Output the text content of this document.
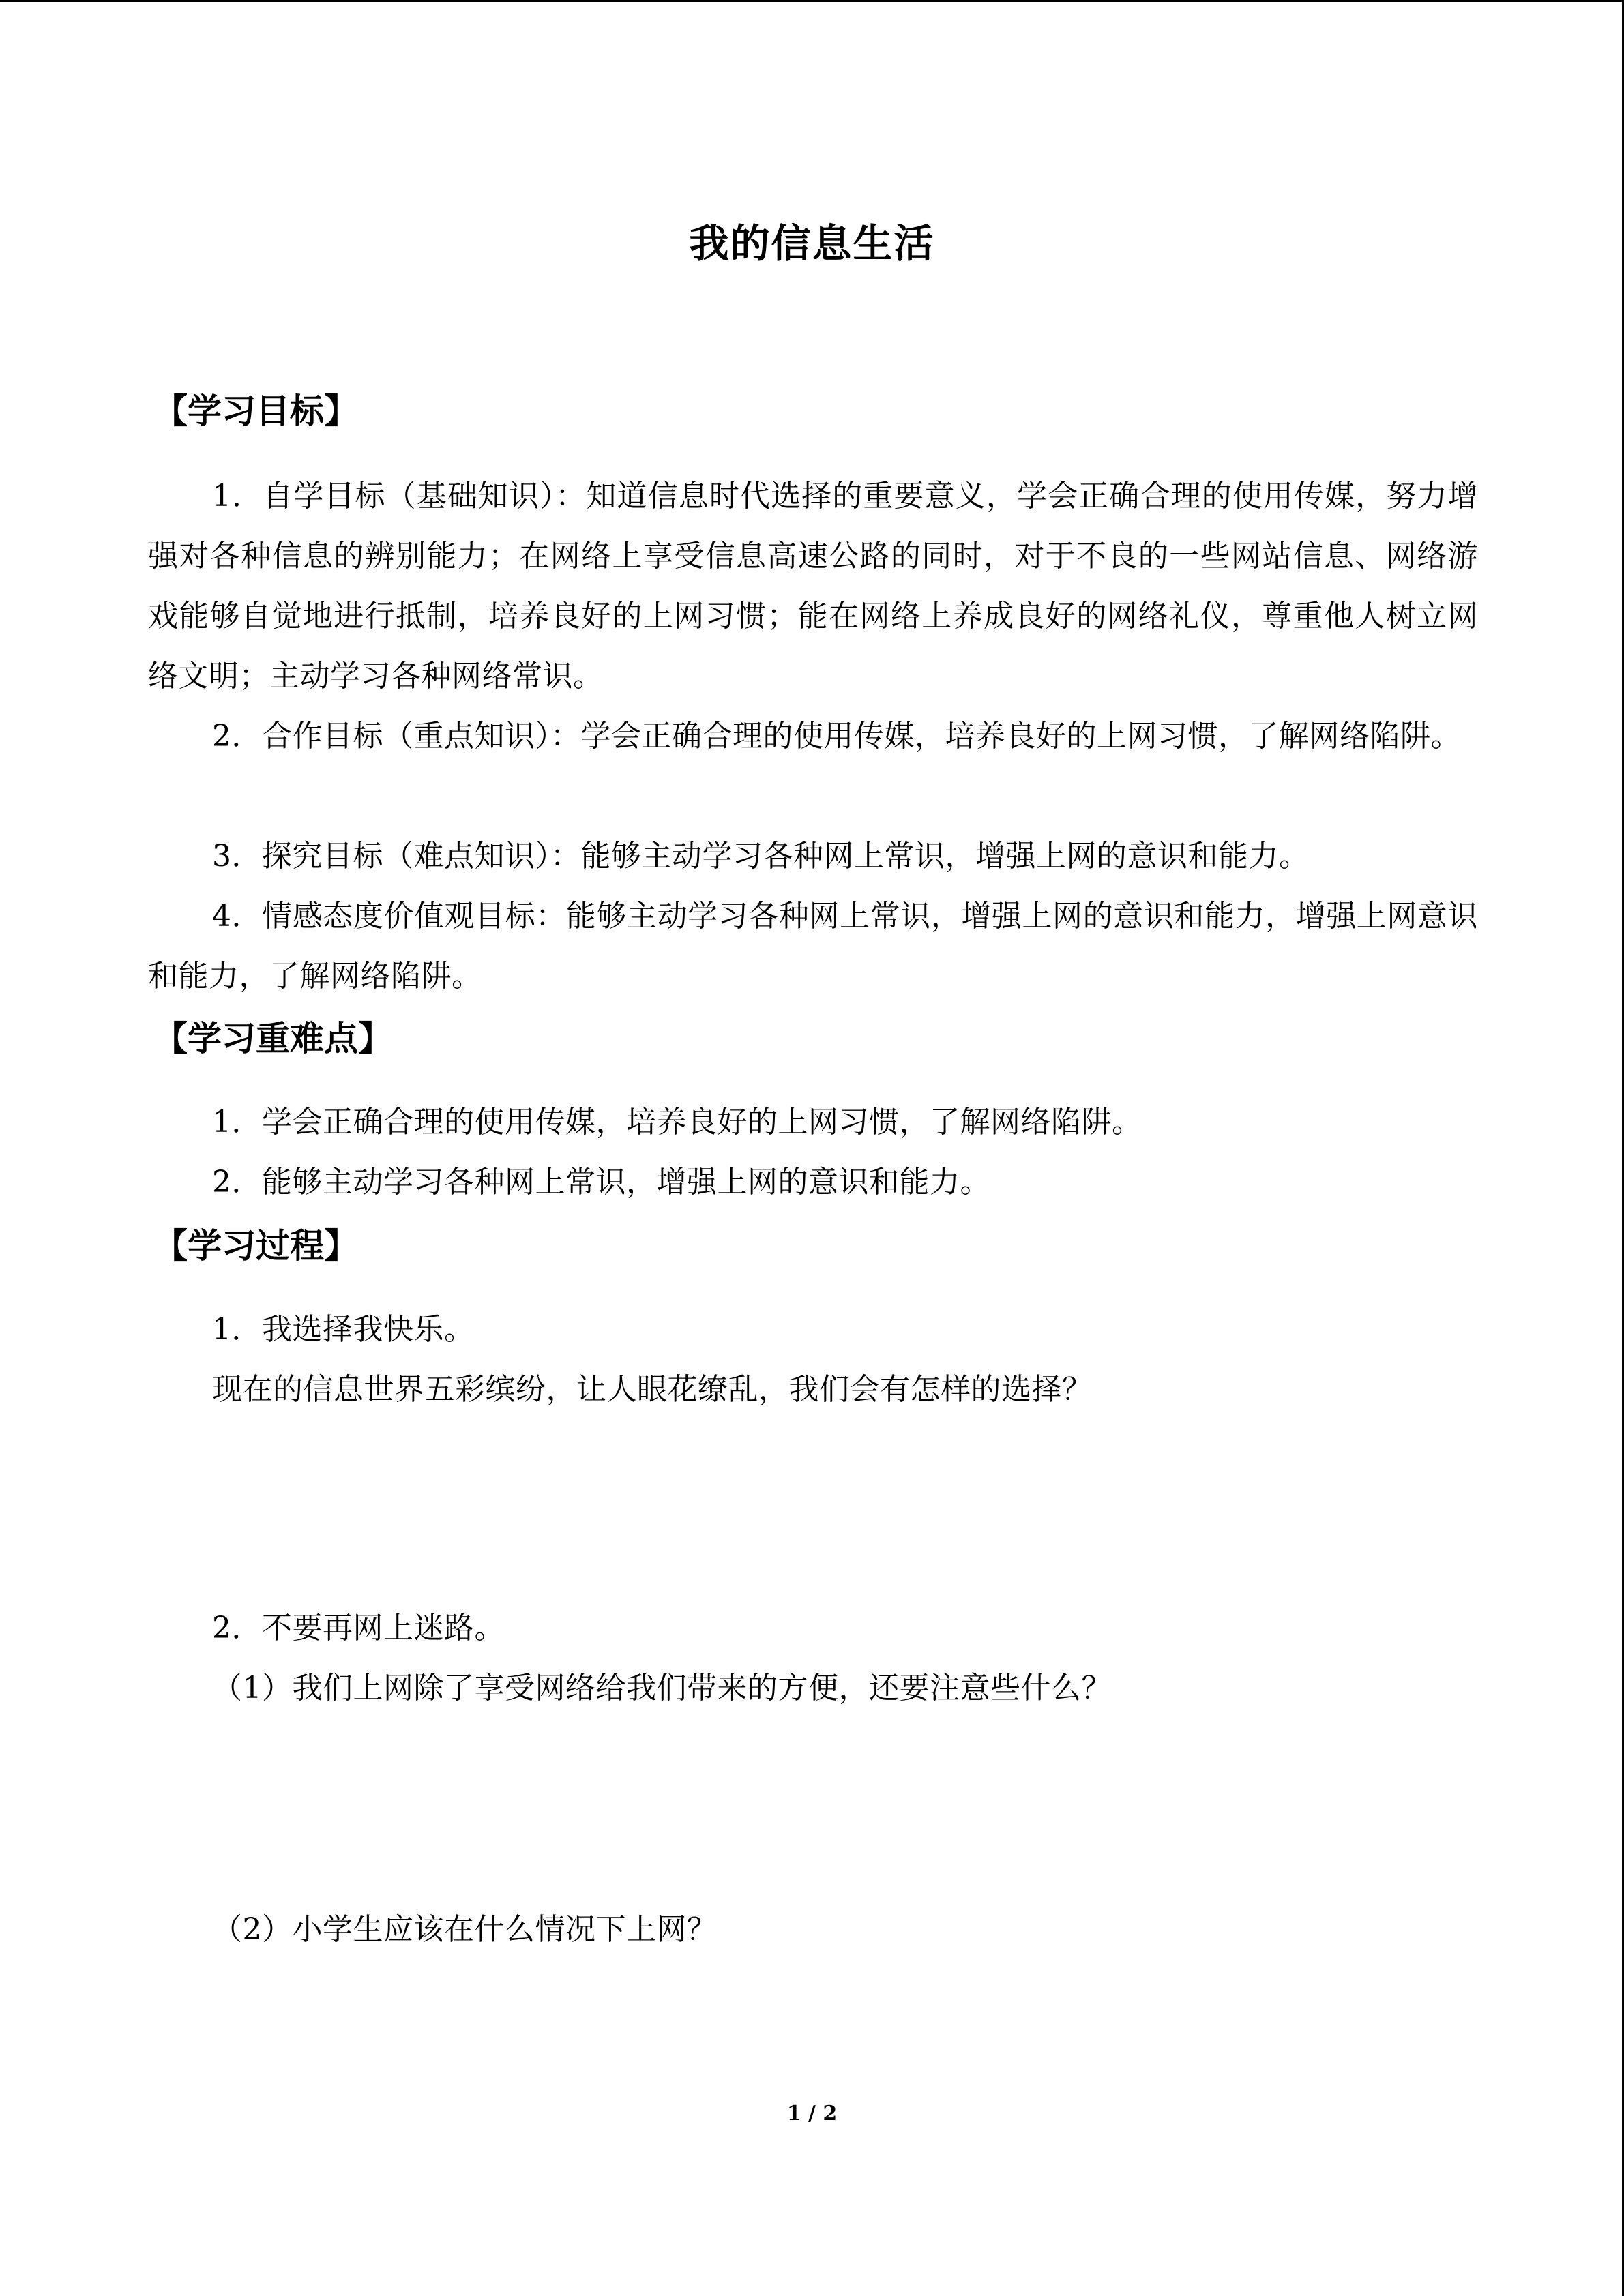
我的信息生活
【学习目标】
1．自学目标（基础知识）：知道信息时代选择的重要意义，学会正确合理的使用传媒，努力增强对各种信息的辨别能力；在网络上享受信息高速公路的同时，对于不良的一些网站信息、网络游戏能够自觉地进行抵制，培养良好的上网习惯；能在网络上养成良好的网络礼仪，尊重他人树立网络文明；主动学习各种网络常识。
2．合作目标（重点知识）：学会正确合理的使用传媒，培养良好的上网习惯，了解网络陷阱。
3．探究目标（难点知识）：能够主动学习各种网上常识，增强上网的意识和能力。
4．情感态度价值观目标：能够主动学习各种网上常识，增强上网的意识和能力，增强上网意识和能力，了解网络陷阱。
【学习重难点】
1．学会正确合理的使用传媒，培养良好的上网习惯，了解网络陷阱。
2．能够主动学习各种网上常识，增强上网的意识和能力。
【学习过程】
1．我选择我快乐。
现在的信息世界五彩缤纷，让人眼花缭乱，我们会有怎样的选择？
2．不要再网上迷路。
（1）我们上网除了享受网络给我们带来的方便，还要注意些什么？
（2）小学生应该在什么情况下上网？
1 / 2
